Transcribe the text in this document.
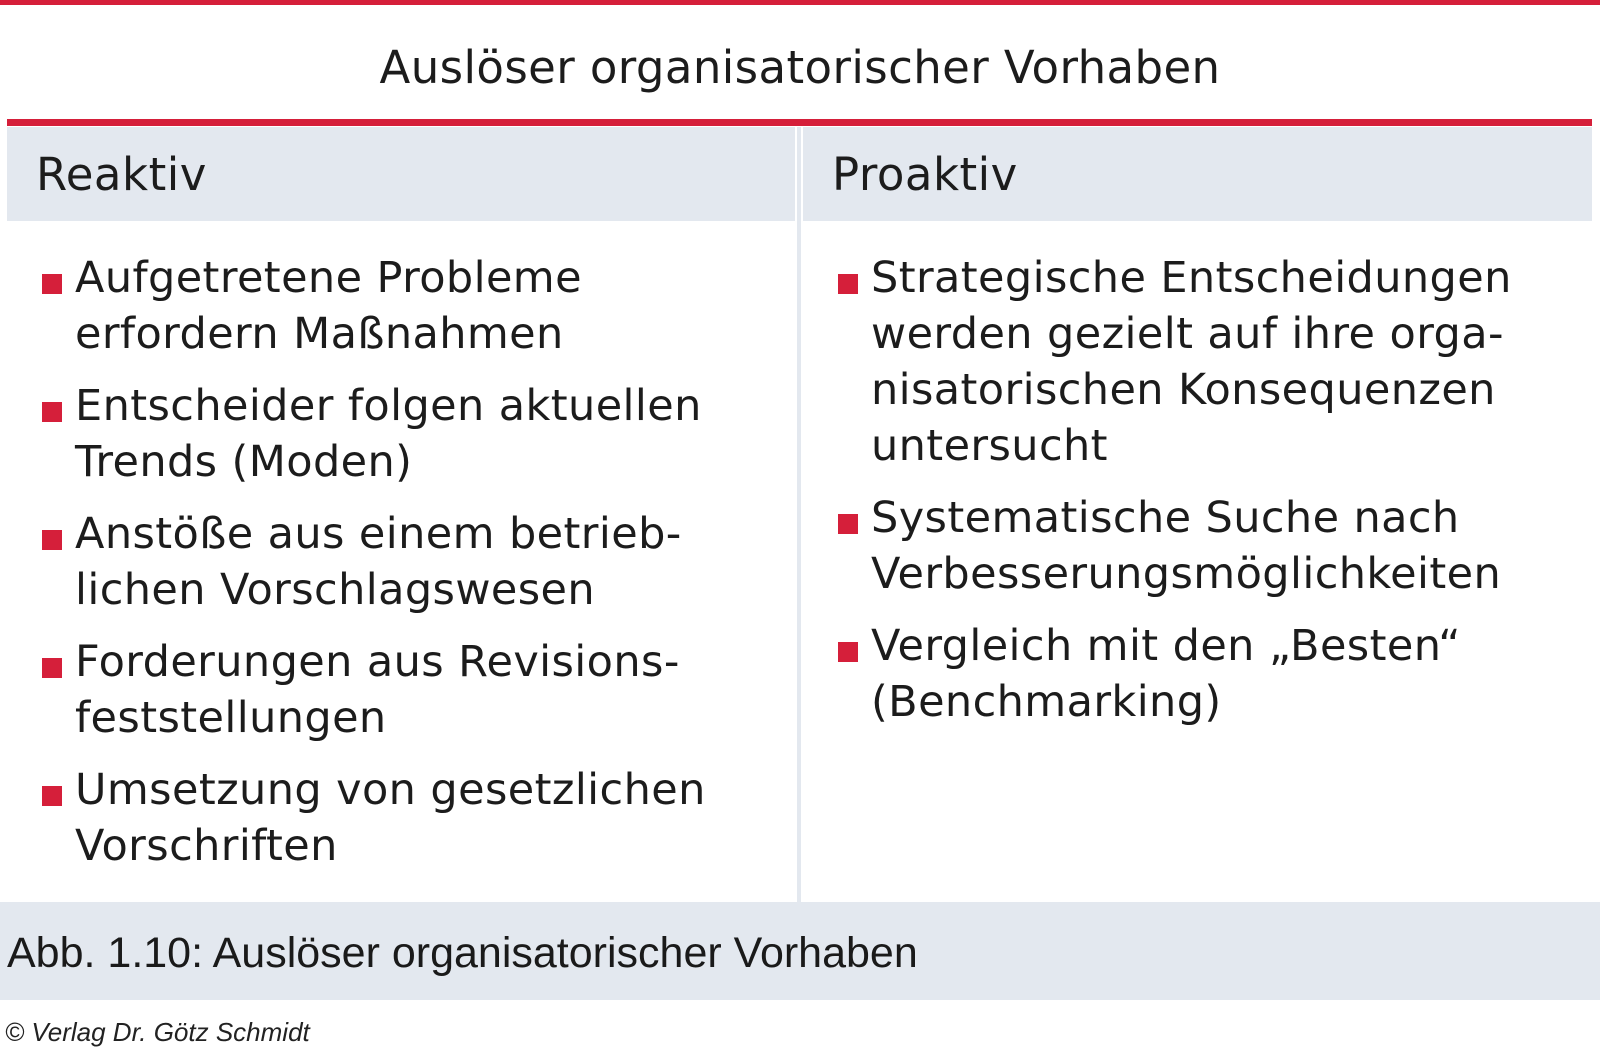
Auslöser organisatorischer Vorhaben
Reaktiv	Proaktiv
Aufgetretene Probleme
erfordern Maßnahmen
Entscheider folgen aktuellen
Trends (Moden)
Anstöße aus einem betrieb-
lichen Vorschlagswesen
Forderungen aus Revisions-
feststellungen
Umsetzung von gesetzlichen
Vorschriften
Strategische Entscheidungen
werden gezielt auf ihre orga-
nisatorischen Konsequenzen
untersucht
Systematische Suche nach
Verbesserungsmöglichkeiten
Vergleich mit den „Besten“
(Benchmarking)
Abb. 1.10: Auslöser organisatorischer Vorhaben
© Verlag Dr. Götz Schmidt
